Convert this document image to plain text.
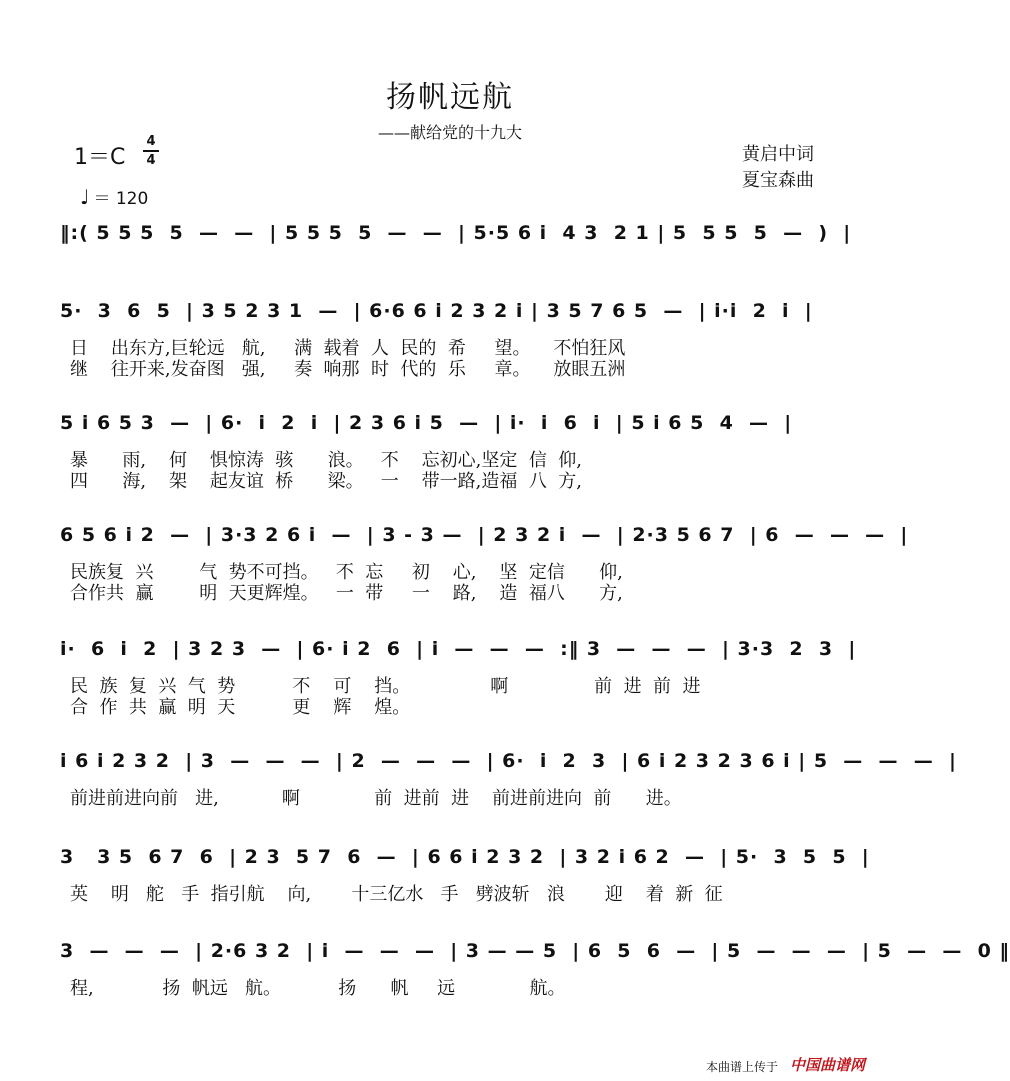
扬帆远航
——献给党的十九大
1＝C
4
4	黄启中词
夏宝森曲
♩ ＝ 120
‖:( 5 5 5  5  —  —  | 5 5 5  5  —  —  | 5·5 6 i  4 3  2 1 | 5  5 5  5  —  )  |
5·  3  6  5  | 3 5 2 3 1  —  | 6·6 6 i 2 3 2 i | 3 5 7 6 5  —  | i·i  2  i  |
日    出东方,巨轮远   航,     满  载着  人  民的  希     望。    不怕狂风
继    往开来,发奋图   强,     奏  响那  时  代的  乐     章。    放眼五洲
5 i 6 5 3  —  | 6·  i  2  i  | 2 3 6 i 5  —  | i·  i  6  i  | 5 i 6 5  4  —  |
暴      雨,    何    惧惊涛  骇      浪。   不    忘初心,坚定  信  仰,
四      海,    架    起友谊  桥      梁。   一    带一路,造福  八  方,
6 5 6 i 2  —  | 3·3 2 6 i  —  | 3 - 3 —  | 2 3 2 i  —  | 2·3 5 6 7  | 6  —  —  —  |
民族复  兴        气  势不可挡。   不  忘     初    心,    坚  定信      仰,
合作共  赢        明  天更辉煌。   一  带     一    路,    造  福八      方,
i·  6  i  2  | 3 2 3  —  | 6· i 2  6  | i  —  —  —  :‖ 3  —  —  —  | 3·3  2  3  |
民  族  复  兴  气  势          不    可    挡。              啊               前  进  前  进
合  作  共  赢  明  天          更    辉    煌。
i 6 i 2 3 2  | 3  —  —  —  | 2  —  —  —  | 6·  i  2  3  | 6 i 2 3 2 3 6 i | 5  —  —  —  |
前进前进向前   进,           啊             前  进前  进    前进前进向  前      进。
3   3 5  6 7  6  | 2 3  5 7  6  —  | 6 6 i 2 3 2  | 3 2 i 6 2  —  | 5·  3  5  5  |
英    明   舵   手  指引航    向,       十三亿水   手   劈波斩   浪       迎    着  新  征
3  —  —  —  | 2·6 3 2  | i  —  —  —  | 3 — — 5  | 6  5  6  —  | 5  —  —  —  | 5  —  —  0 ‖
程,            扬  帆远   航。          扬      帆     远             航。
本曲谱上传于 中国曲谱网
